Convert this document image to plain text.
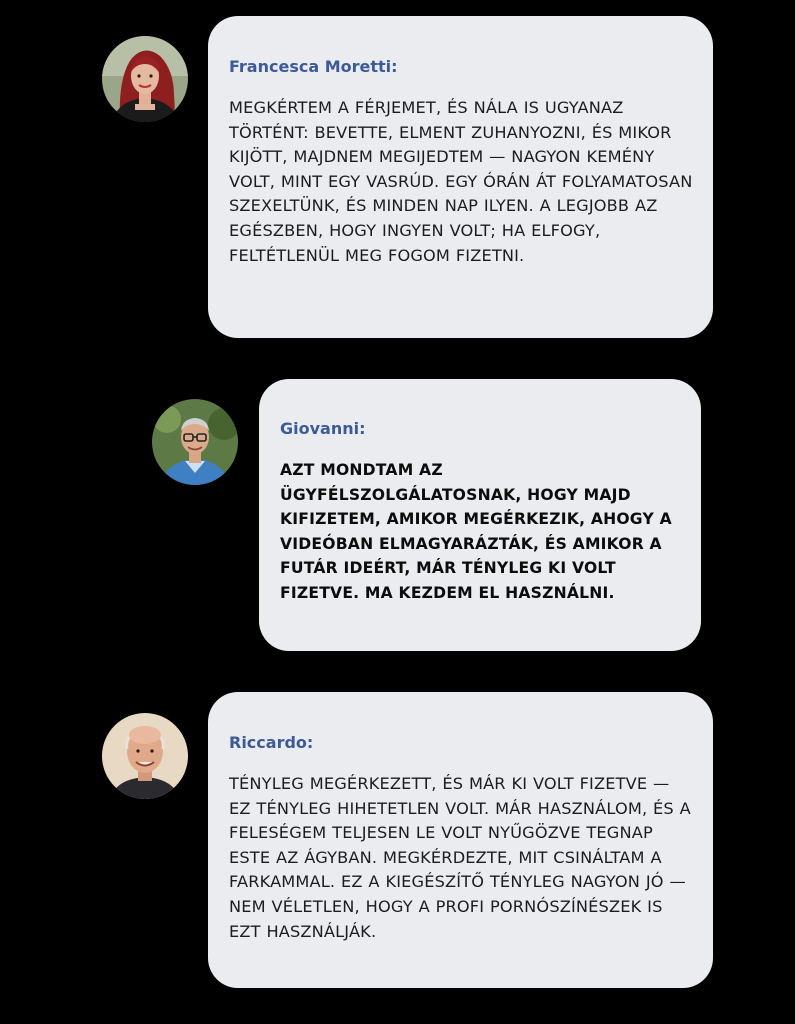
Francesca Moretti:

MEGKÉRTEM A FÉRJEMET, ÉS NÁLA IS UGYANAZ TÖRTÉNT: BEVETTE, ELMENT ZUHANYOZNI, ÉS MIKOR KIJÖTT, MAJDNEM MEGIJEDTEM — NAGYON KEMÉNY VOLT, MINT EGY VASRÚD. EGY ÓRÁN ÁT FOLYAMATOSAN SZEXELTÜNK, ÉS MINDEN NAP ILYEN. A LEGJOBB AZ EGÉSZBEN, HOGY INGYEN VOLT; HA ELFOGY, FELTÉTLENÜL MEG FOGOM FIZETNI.

Giovanni:

AZT MONDTAM AZ ÜGYFÉLSZOLGÁLATOSNAK, HOGY MAJD KIFIZETEM, AMIKOR MEGÉRKEZIK, AHOGY A VIDEÓBAN ELMAGYARÁZTÁK, ÉS AMIKOR A FUTÁR IDEÉRT, MÁR TÉNYLEG KI VOLT FIZETVE. MA KEZDEM EL HASZNÁLNI.

Riccardo:

TÉNYLEG MEGÉRKEZETT, ÉS MÁR KI VOLT FIZETVE — EZ TÉNYLEG HIHETETLEN VOLT. MÁR HASZNÁLOM, ÉS A FELESÉGEM TELJESEN LE VOLT NYŰGÖZVE TEGNAP ESTE AZ ÁGYBAN. MEGKÉRDEZTE, MIT CSINÁLTAM A FARKAMMAL. EZ A KIEGÉSZÍTŐ TÉNYLEG NAGYON JÓ — NEM VÉLETLEN, HOGY A PROFI PORNÓSZÍNÉSZEK IS EZT HASZNÁLJÁK.
